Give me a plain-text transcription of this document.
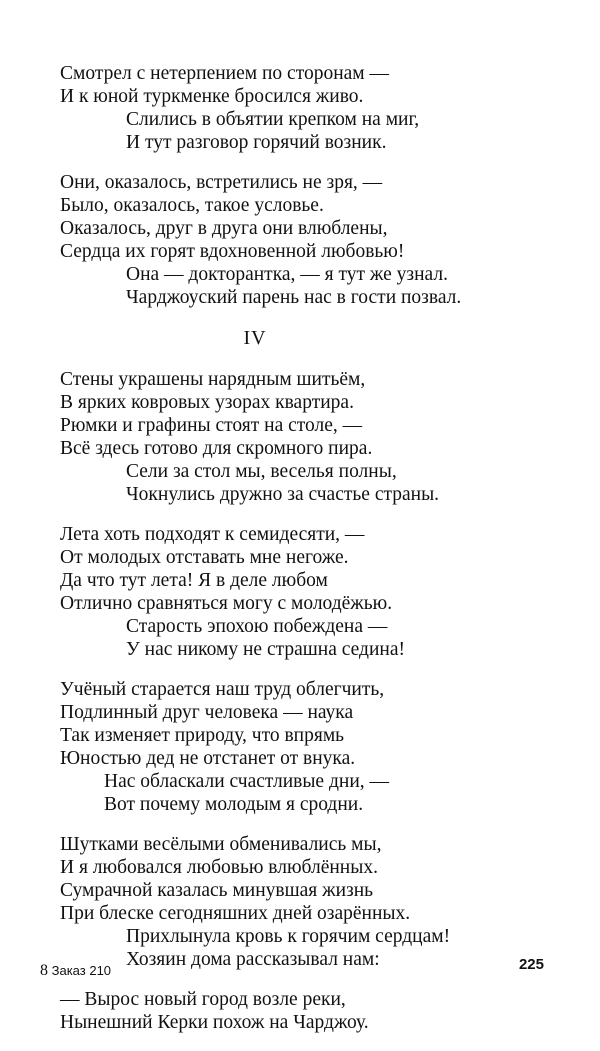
Смотрел с нетерпением по сторонам —
И к юной туркменке бросился живо.
Слились в объятии крепком на миг,
И тут разговор горячий возник.
Они, оказалось, встретились не зря, —
Было, оказалось, такое условье.
Оказалось, друг в друга они влюблены,
Сердца их горят вдохновенной любовью!
Она — докторантка, — я тут же узнал.
Чарджоуский парень нас в гости позвал.
IV
Стены украшены нарядным шитьём,
В ярких ковровых узорах квартира.
Рюмки и графины стоят на столе, —
Всё здесь готово для скромного пира.
Сели за стол мы, веселья полны,
Чокнулись дружно за счастье страны.
Лета хоть подходят к семидесяти, —
От молодых отставать мне негоже.
Да что тут лета! Я в деле любом
Отлично сравняться могу с молодёжью.
Старость эпохою побеждена —
У нас никому не страшна седина!
Учёный старается наш труд облегчить,
Подлинный друг человека — наука
Так изменяет природу, что впрямь
Юностью дед не отстанет от внука.
Нас обласкали счастливые дни, —
Вот почему молодым я сродни.
Шутками весёлыми обменивались мы,
И я любовался любовью влюблённых.
Сумрачной казалась минувшая жизнь
При блеске сегодняшних дней озарённых.
Прихлынула кровь к горячим сердцам!
Хозяин дома рассказывал нам:
— Вырос новый город возле реки,
Нынешний Керки похож на Чарджоу.
8 Заказ 210	225
